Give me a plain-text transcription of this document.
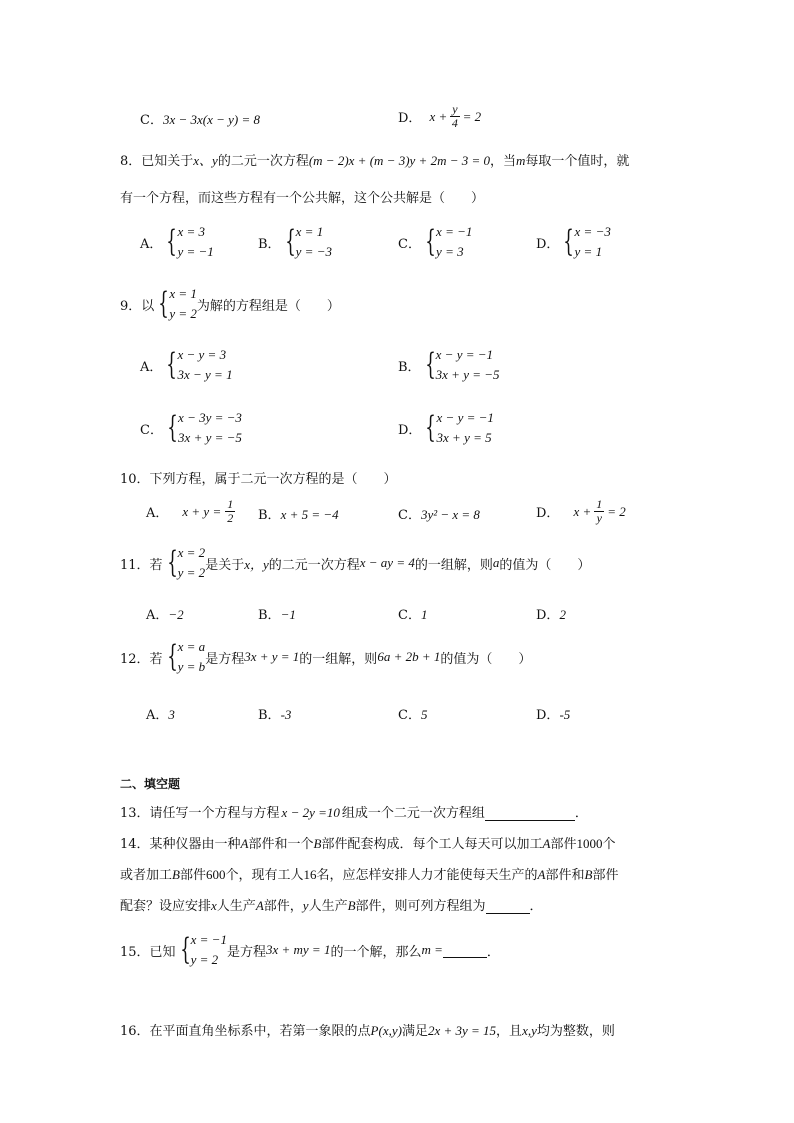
C．3x − 3x(x − y) = 8	D． $x + \frac{y}{4} = 2$
8．已知关于x、y的二元一次方程(m − 2)x + (m − 3)y + 2m − 3 = 0，当m每取一个值时，就
有一个方程，而这些方程有一个公共解，这个公共解是（　　）
A． { x = 3
y = −1	B． { x = 1
y = −3	C． { x = −1
y = 3	D． { x = −3
y = 1
9．以 { x = 1
y = 2 为解的方程组是（　　）
A． { x − y = 3
3x − y = 1	B． { x − y = −1
3x + y = −5
C． { x − 3y = −3
3x + y = −5	D． { x − y = −1
3x + y = 5
10．下列方程，属于二元一次方程的是（　　）
A． $x + y = \frac{1}{2}$ B．x + 5 = −4	C．3y² − x = 8	D． $x + \frac{1}{y} = 2$
11．若 { x = 2
y = 2 是关于 x，y 的二元一次方程 x − ay = 4 的一组解，则 a 的值为（　　）
A．−2	B．−1	C．1	D．2
12．若 { x = a
y = b 是方程 3x + y = 1 的一组解，则 6a + 2b + 1 的值为（　　）
A．3	B．-3	C．5	D．-5
二、填空题
13．请任写一个方程与方程 x − 2y =10 组成一个二元一次方程组	．
14．某种仪器由一种A部件和一个B部件配套构成．每个工人每天可以加工A部件1000个
或者加工B部件600个，现有工人16名，应怎样安排人力才能使每天生产的A部件和B部件
配套？设应安排 x 人生产 A 部件， y 人生产 B 部件，则可列方程组为	．
15．已知 { x = −1
y = 2 是方程 3x + my = 1 的一个解，那么 m =	．
16．在平面直角坐标系中，若第一象限的点P(x,y)满足2x + 3y = 15，且x,y均为整数，则
